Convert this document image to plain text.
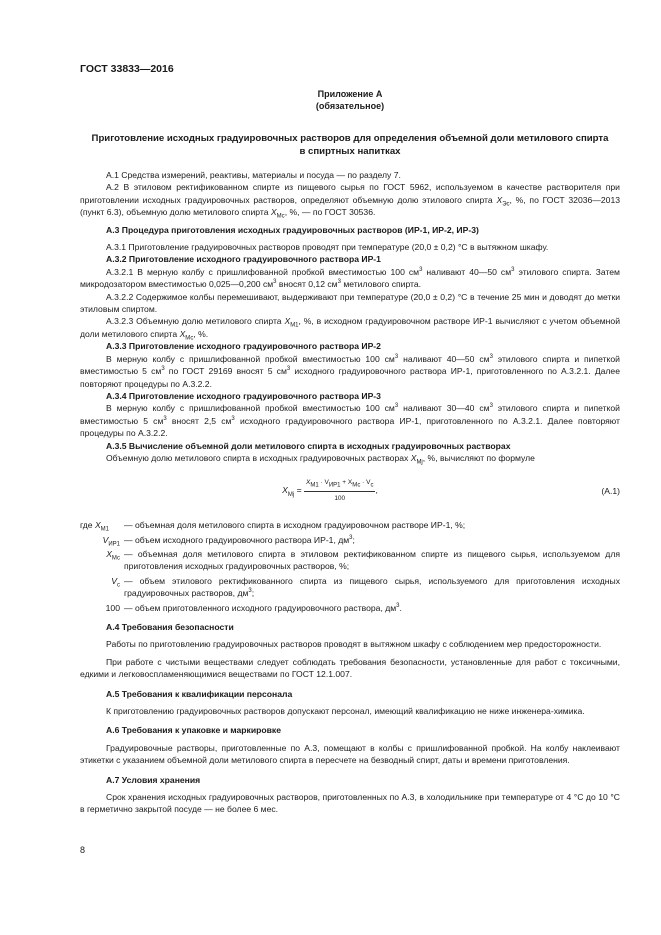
ГОСТ 33833—2016
Приложение А
(обязательное)
Приготовление исходных градуировочных растворов для определения объемной доли метилового спирта в спиртных напитках

А.1 Средства измерений, реактивы, материалы и посуда — по разделу 7.

А.2 В этиловом ректификованном спирте из пищевого сырья по ГОСТ 5962, используемом в качестве растворителя при приготовлении исходных градуировочных растворов, определяют объемную долю этилового спирта $X_{Эс}$, %, по ГОСТ 32036—2013 (пункт 6.3), объемную долю метилового спирта $X_{Мс}$, %, — по ГОСТ 30536.

А.3 Процедура приготовления исходных градуировочных растворов (ИР-1, ИР-2, ИР-3)

А.3.1 Приготовление градуировочных растворов проводят при температуре (20,0 ± 0,2) °С в вытяжном шкафу.

А.3.2 Приготовление исходного градуировочного раствора ИР-1

А.3.2.1 В мерную колбу с пришлифованной пробкой вместимостью 100 $см^3$ наливают 40—50 $см^3$ этилового спирта. Затем микродозатором вместимостью 0,025—0,200 $см^3$ вносят 0,12 $см^3$ метилового спирта.

А.3.2.2 Содержимое колбы перемешивают, выдерживают при температуре (20,0 ± 0,2) °С в течение 25 мин и доводят до метки этиловым спиртом.

А.3.2.3 Объемную долю метилового спирта $X_{М1}$, %, в исходном градуировочном растворе ИР-1 вычисляют с учетом объемной доли метилового спирта $X_{Мс}$, %.

А.3.3 Приготовление исходного градуировочного раствора ИР-2

В мерную колбу с пришлифованной пробкой вместимостью 100 $см^3$ наливают 40—50 $см^3$ этилового спирта и пипеткой вместимостью 5 $см^3$ по ГОСТ 29169 вносят 5 $см^3$ исходного градуировочного раствора ИР-1, приготовленного по А.3.2.1. Далее повторяют процедуры по А.3.2.2.

А.3.4 Приготовление исходного градуировочного раствора ИР-3

В мерную колбу с пришлифованной пробкой вместимостью 100 $см^3$ наливают 30—40 $см^3$ этилового спирта и пипеткой вместимостью 5 $см^3$ вносят 2,5 $см^3$ исходного градуировочного раствора ИР-1, приготовленного по А.3.2.1. Далее повторяют процедуры по А.3.2.2.

А.3.5 Вычисление объемной доли метилового спирта в исходных градуировочных растворах

Объемную долю метилового спирта в исходных градуировочных растворах $X_{Мj}$, %, вычисляют по формуле

$X_{Мj} = \frac{X_{М1} \cdot V_{ИР1} + X_{Мс} \cdot V_с}{100}$ ,	(А.1)
где $X_{М1}$	— объемная доля метилового спирта в исходном градуировочном растворе ИР-1, %;
$V_{ИР1}$ — объем исходного градуировочного раствора ИР-1, $дм^3$;
$X_{Мс}$ — объемная доля метилового спирта в этиловом ректификованном спирте из пищевого сырья, используемом для приготовления исходных градуировочных растворов, %;
$V_с$ — объем этилового ректификованного спирта из пищевого сырья, используемого для приготовления исходных градуировочных растворов, $дм^3$;
100 — объем приготовленного исходного градуировочного раствора, $дм^3$.
А.4 Требования безопасности

Работы по приготовлению градуировочных растворов проводят в вытяжном шкафу с соблюдением мер предосторожности.

При работе с чистыми веществами следует соблюдать требования безопасности, установленные для работ с токсичными, едкими и легковоспламеняющимися веществами по ГОСТ 12.1.007.

А.5 Требования к квалификации персонала

К приготовлению градуировочных растворов допускают персонал, имеющий квалификацию не ниже инженера-химика.

А.6 Требования к упаковке и маркировке

Градуировочные растворы, приготовленные по А.3, помещают в колбы с пришлифованной пробкой. На колбу наклеивают этикетки с указанием объемной доли метилового спирта в пересчете на безводный спирт, даты и времени приготовления.

А.7 Условия хранения

Срок хранения исходных градуировочных растворов, приготовленных по А.3, в холодильнике при температуре от 4 °С до 10 °С в герметично закрытой посуде — не более 6 мес.

8
